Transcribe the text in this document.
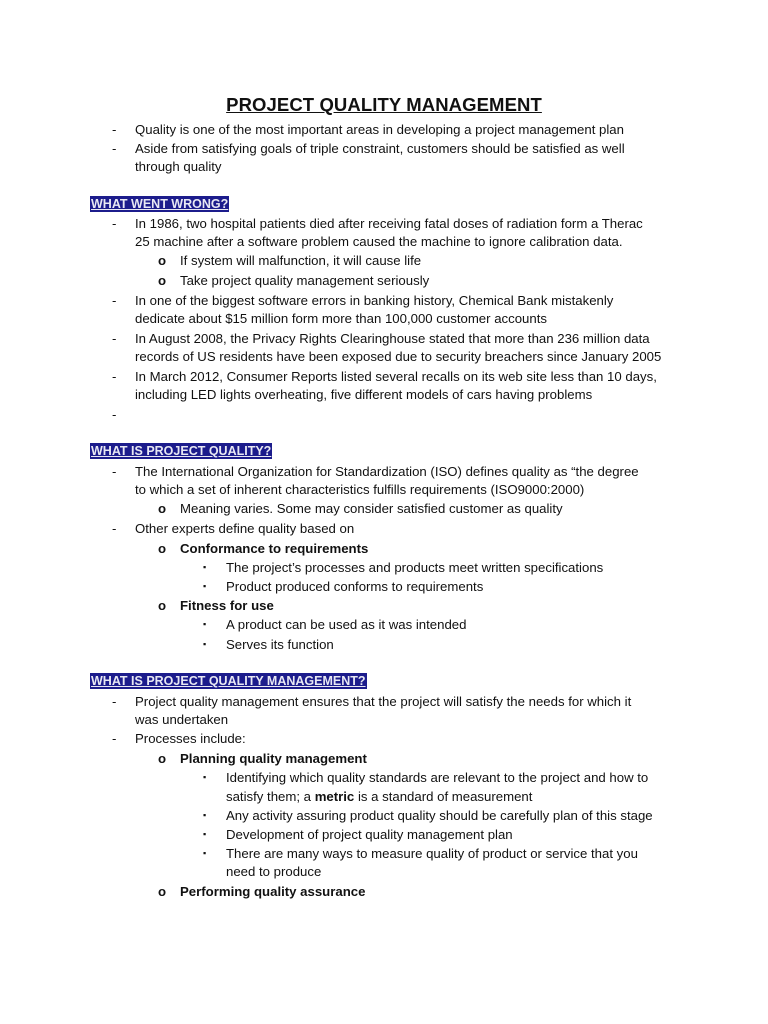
PROJECT QUALITY MANAGEMENT
- Quality is one of the most important areas in developing a project management plan
- Aside from satisfying goals of triple constraint, customers should be satisfied as well
through quality
WHAT WENT WRONG?
- In 1986, two hospital patients died after receiving fatal doses of radiation form a Therac
25 machine after a software problem caused the machine to ignore calibration data.
o If system will malfunction, it will cause life
o Take project quality management seriously
- In one of the biggest software errors in banking history, Chemical Bank mistakenly
dedicate about $15 million form more than 100,000 customer accounts
- In August 2008, the Privacy Rights Clearinghouse stated that more than 236 million data
records of US residents have been exposed due to security breachers since January 2005
- In March 2012, Consumer Reports listed several recalls on its web site less than 10 days,
including LED lights overheating, five different models of cars having problems
-
WHAT IS PROJECT QUALITY?
- The International Organization for Standardization (ISO) defines quality as “the degree
to which a set of inherent characteristics fulfills requirements (ISO9000:2000)
o Meaning varies. Some may consider satisfied customer as quality
- Other experts define quality based on
o Conformance to requirements
▪ The project’s processes and products meet written specifications
▪ Product produced conforms to requirements
o Fitness for use
▪ A product can be used as it was intended
▪ Serves its function
WHAT IS PROJECT QUALITY MANAGEMENT?
- Project quality management ensures that the project will satisfy the needs for which it
was undertaken
- Processes include:
o Planning quality management
▪ Identifying which quality standards are relevant to the project and how to
satisfy them; a metric is a standard of measurement
▪ Any activity assuring product quality should be carefully plan of this stage
▪ Development of project quality management plan
▪ There are many ways to measure quality of product or service that you
need to produce
o Performing quality assurance
